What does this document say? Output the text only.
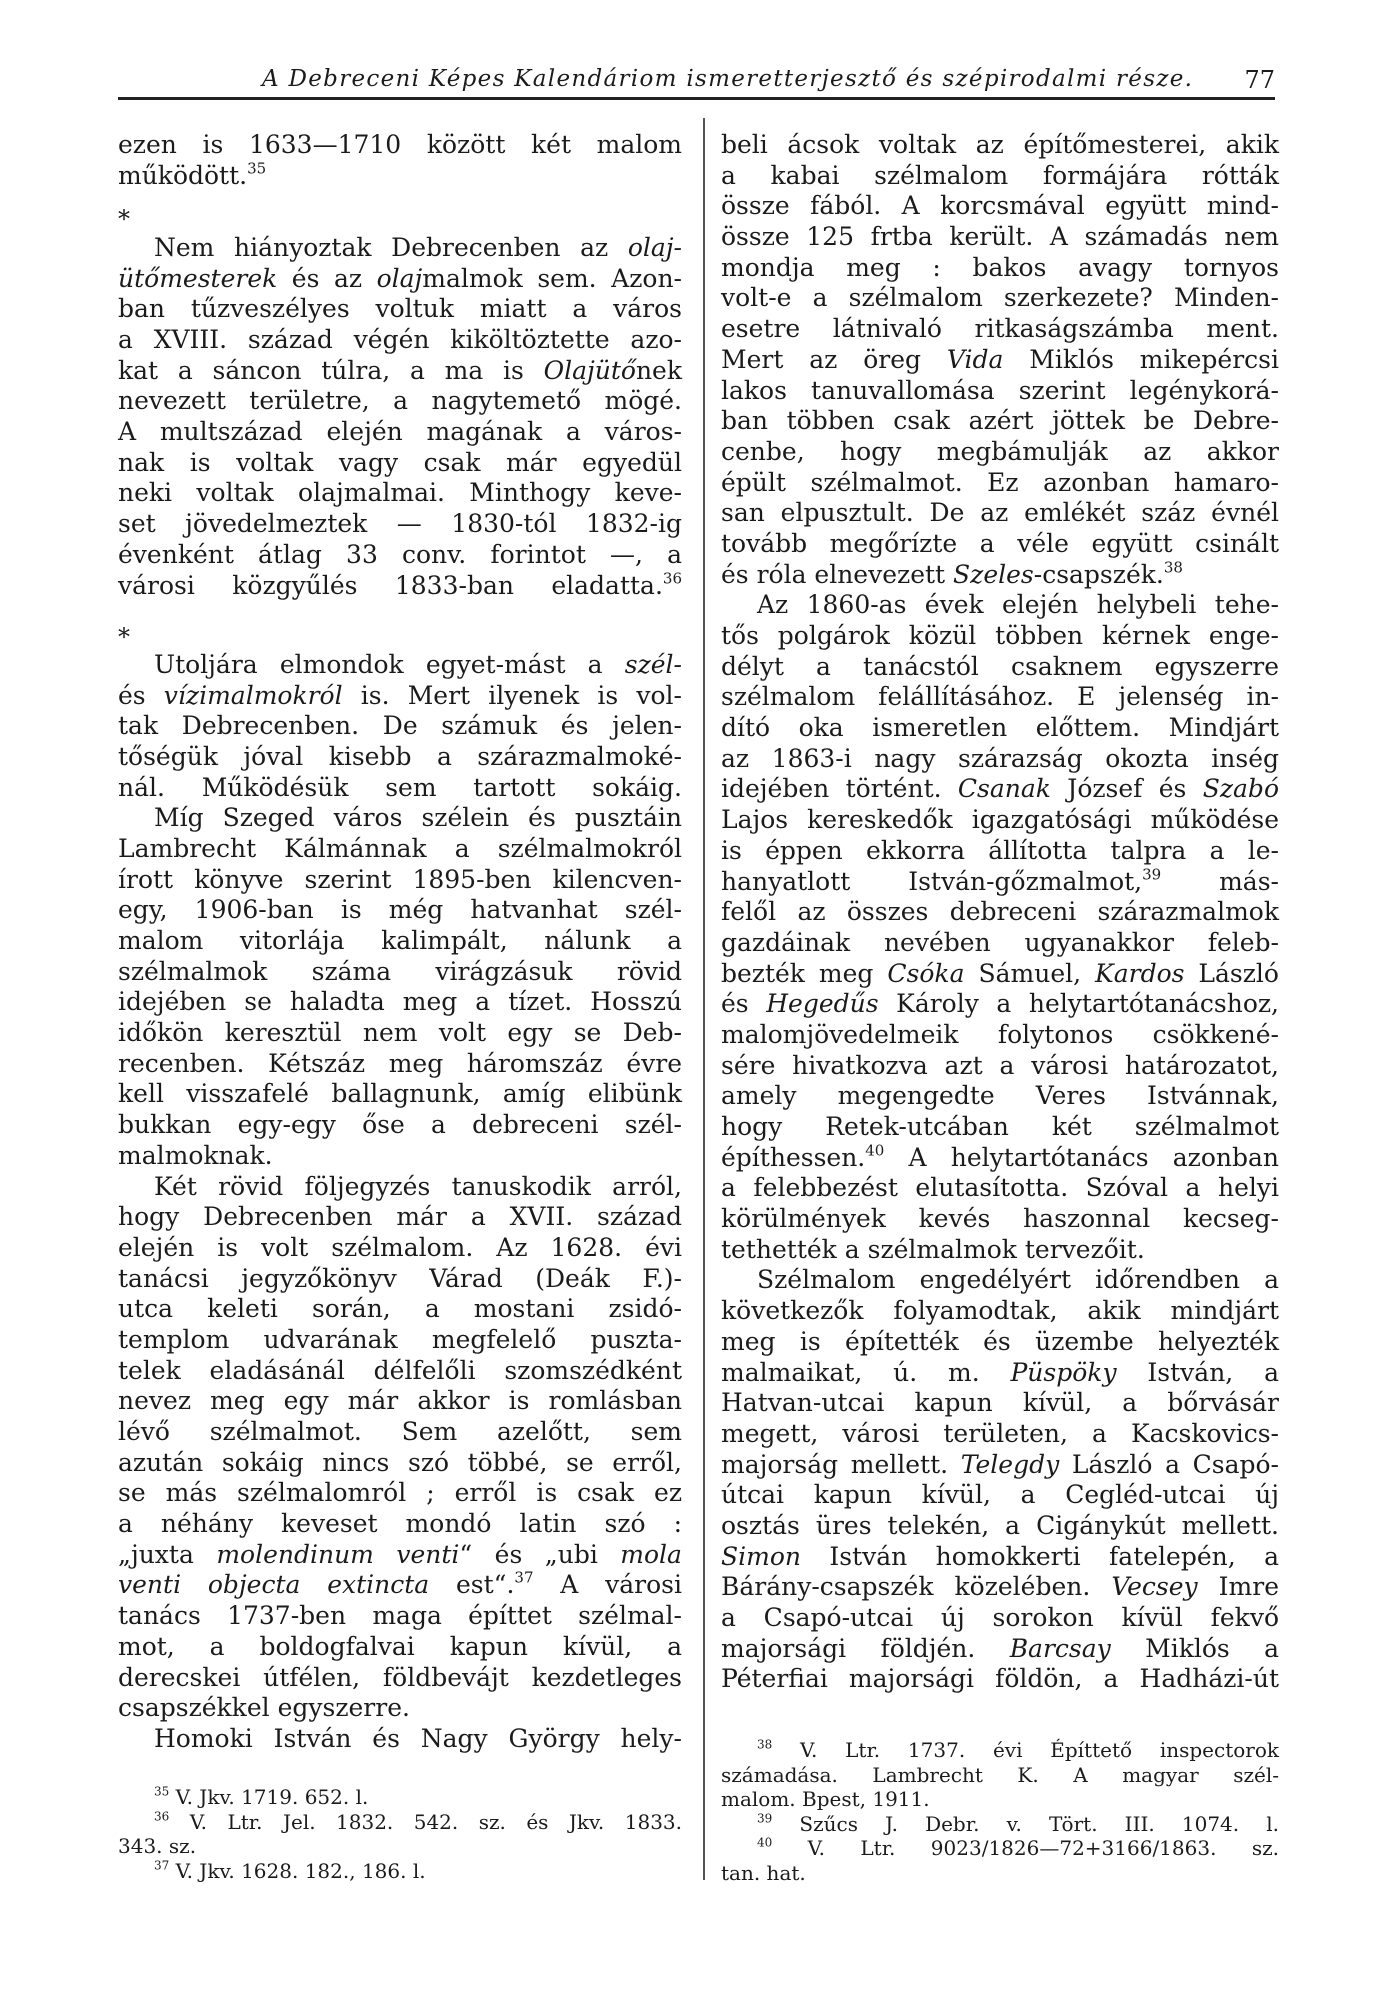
A Debreceni Képes Kalendáriom ismeretterjesztő és szépirodalmi része. 77
ezen is 1633—1710 között két malom
működött.$^{35}$
*
Nem hiányoztak Debrecenben az olaj-
ütőmesterek és az olajmalmok sem. Azon-
ban tűzveszélyes voltuk miatt a város
a XVIII. század végén kiköltöztette azo-
kat a sáncon túlra, a ma is Olajütőnek
nevezett területre, a nagytemető mögé.
A multszázad elején magának a város-
nak is voltak vagy csak már egyedül
neki voltak olajmalmai. Minthogy keve-
set jövedelmeztek — 1830-tól 1832-ig
évenként átlag 33 conv. forintot —, a
városi közgyűlés 1833-ban eladatta.$^{36}$
*
Utoljára elmondok egyet-mást a szél-
és vízimalmokról is. Mert ilyenek is vol-
tak Debrecenben. De számuk és jelen-
tőségük jóval kisebb a szárazmalmoké-
nál. Működésük sem tartott sokáig.
Míg Szeged város szélein és pusztáin
Lambrecht Kálmánnak a szélmalmokról
írott könyve szerint 1895-ben kilencven-
egy, 1906-ban is még hatvanhat szél-
malom vitorlája kalimpált, nálunk a
szélmalmok száma virágzásuk rövid
idejében se haladta meg a tízet. Hosszú
időkön keresztül nem volt egy se Deb-
recenben. Kétszáz meg háromszáz évre
kell visszafelé ballagnunk, amíg elibünk
bukkan egy-egy őse a debreceni szél-
malmoknak.
Két rövid följegyzés tanuskodik arról,
hogy Debrecenben már a XVII. század
elején is volt szélmalom. Az 1628. évi
tanácsi jegyzőkönyv Várad (Deák F.)-
utca keleti során, a mostani zsidó-
templom udvarának megfelelő puszta-
telek eladásánál délfelőli szomszédként
nevez meg egy már akkor is romlásban
lévő szélmalmot. Sem azelőtt, sem
azután sokáig nincs szó többé, se erről,
se más szélmalomról ; erről is csak ez
a néhány keveset mondó latin szó :
„juxta molendinum venti“ és „ubi mola
venti objecta extincta est“.$^{37}$ A városi
tanács 1737-ben maga építtet szélmal-
mot, a boldogfalvai kapun kívül, a
derecskei útfélen, földbevájt kezdetleges
csapszékkel egyszerre.
Homoki István és Nagy György hely-
beli ácsok voltak az építőmesterei, akik
a kabai szélmalom formájára rótták
össze fából. A korcsmával együtt mind-
össze 125 frtba került. A számadás nem
mondja meg : bakos avagy tornyos
volt-e a szélmalom szerkezete? Minden-
esetre látnivaló ritkaságszámba ment.
Mert az öreg Vida Miklós mikepércsi
lakos tanuvallomása szerint legénykorá-
ban többen csak azért jöttek be Debre-
cenbe, hogy megbámulják az akkor
épült szélmalmot. Ez azonban hamaro-
san elpusztult. De az emlékét száz évnél
tovább megőrízte a véle együtt csinált
és róla elnevezett Szeles-csapszék.$^{38}$
Az 1860-as évek elején helybeli tehe-
tős polgárok közül többen kérnek enge-
délyt a tanácstól csaknem egyszerre
szélmalom felállításához. E jelenség in-
dító oka ismeretlen előttem. Mindjárt
az 1863-i nagy szárazság okozta inség
idejében történt. Csanak József és Szabó
Lajos kereskedők igazgatósági működése
is éppen ekkorra állította talpra a le-
hanyatlott István-gőzmalmot,$^{39}$ más-
felől az összes debreceni szárazmalmok
gazdáinak nevében ugyanakkor feleb-
bezték meg Csóka Sámuel, Kardos László
és Hegedűs Károly a helytartótanácshoz,
malomjövedelmeik folytonos csökkené-
sére hivatkozva azt a városi határozatot,
amely megengedte Veres Istvánnak,
hogy Retek-utcában két szélmalmot
építhessen.$^{40}$ A helytartótanács azonban
a felebbezést elutasította. Szóval a helyi
körülmények kevés haszonnal kecseg-
tethették a szélmalmok tervezőit.
Szélmalom engedélyért időrendben a
következők folyamodtak, akik mindjárt
meg is építették és üzembe helyezték
malmaikat, ú. m. Püspöky István, a
Hatvan-utcai kapun kívül, a bőrvásár
megett, városi területen, a Kacskovics-
majorság mellett. Telegdy László a Csapó-
útcai kapun kívül, a Cegléd-utcai új
osztás üres telekén, a Cigánykút mellett.
Simon István homokkerti fatelepén, a
Bárány-csapszék közelében. Vecsey Imre
a Csapó-utcai új sorokon kívül fekvő
majorsági földjén. Barcsay Miklós a
Péterfiai majorsági földön, a Hadházi-út
$^{35}$ V. Jkv. 1719. 652. l.
$^{36}$ V. Ltr. Jel. 1832. 542. sz. és Jkv. 1833.
343. sz.
$^{37}$ V. Jkv. 1628. 182., 186. l.
$^{38}$ V. Ltr. 1737. évi Építtető inspectorok
számadása. Lambrecht K. A magyar szél-
malom. Bpest, 1911.
$^{39}$ Szűcs J. Debr. v. Tört. III. 1074. l.
$^{40}$ V. Ltr. 9023/1826—72+3166/1863. sz.
tan. hat.
